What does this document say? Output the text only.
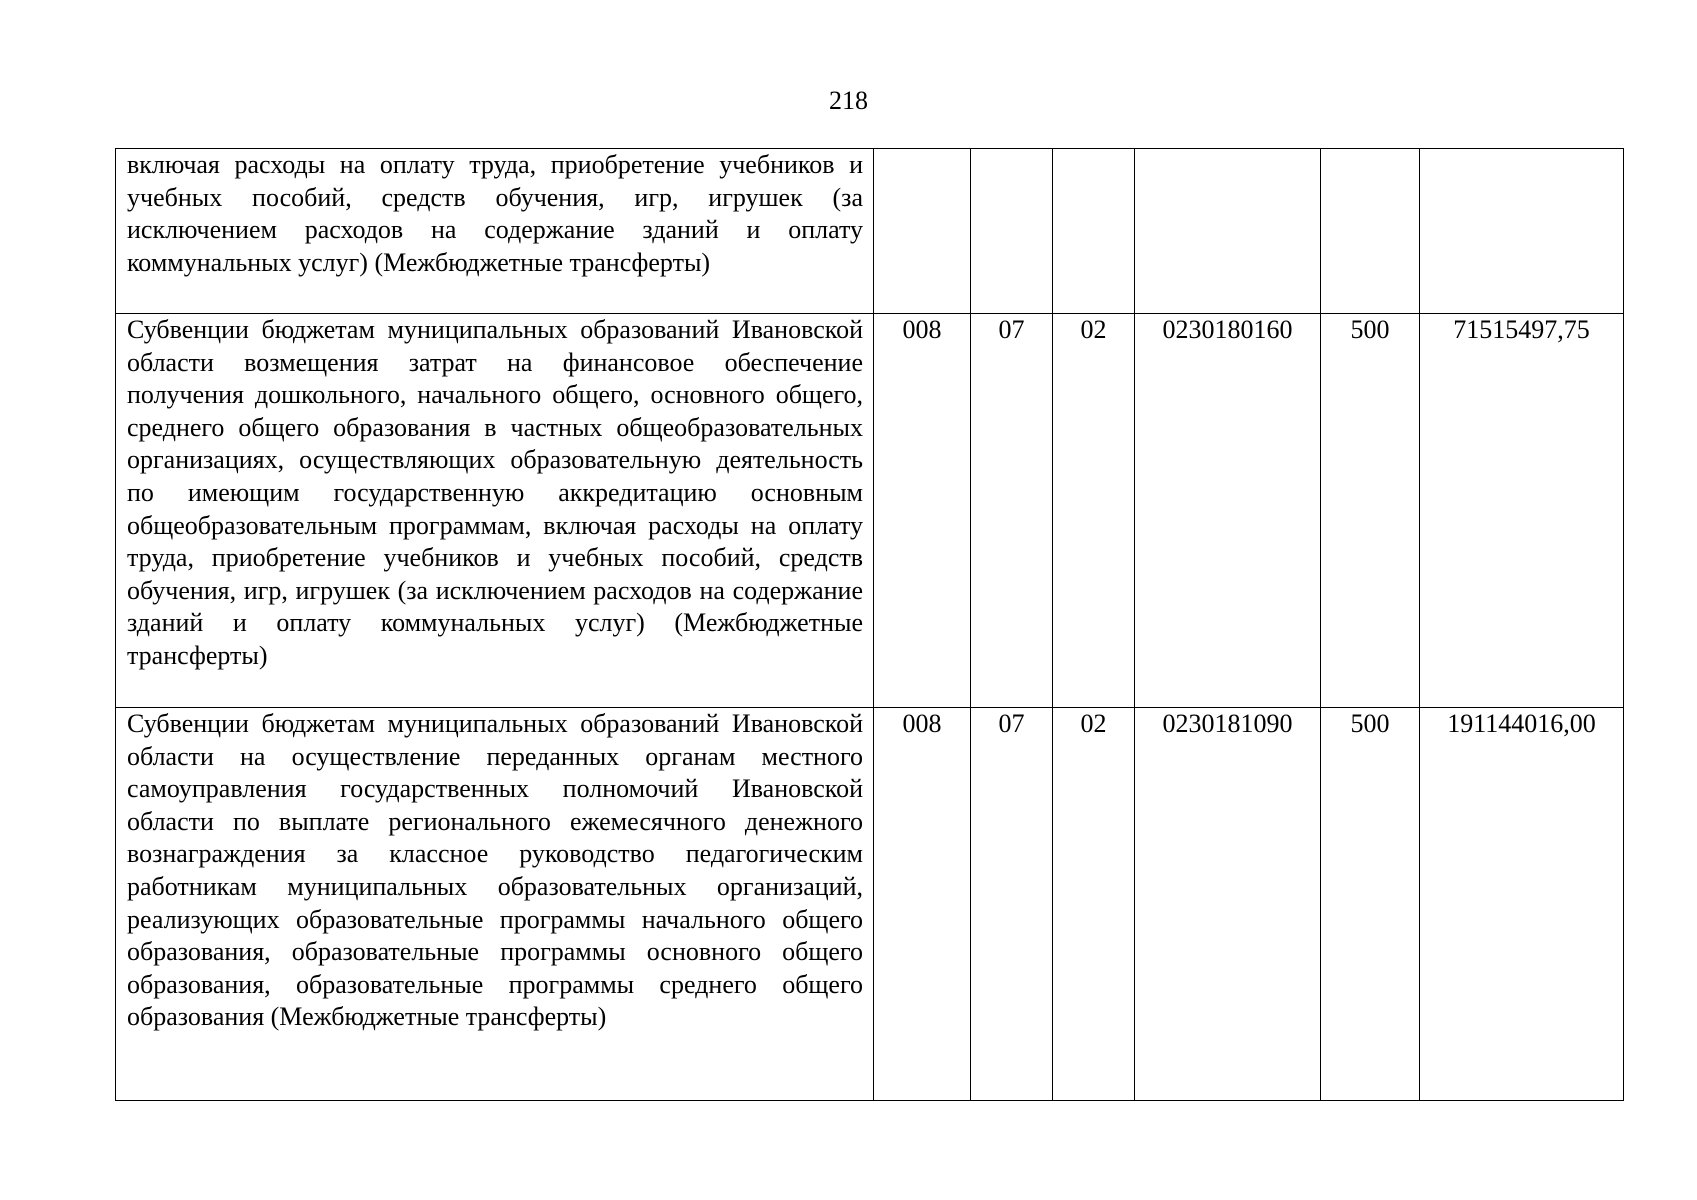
218
включая расходы на оплату труда, приобретение учебников и учебных пособий, средств обучения, игр, игрушек (за исключением расходов на содержание зданий и оплату коммунальных услуг) (Межбюджетные трансферты)						
Субвенции бюджетам муниципальных образований Ивановской области возмещения затрат на финансовое обеспечение получения дошкольного, начального общего, основного общего, среднего общего образования в частных общеобразовательных организациях, осуществляющих образовательную деятельность по имеющим государственную аккредитацию основным общеобразовательным программам, включая расходы на оплату труда, приобретение учебников и учебных пособий, средств обучения, игр, игрушек (за исключением расходов на содержание зданий и оплату коммунальных услуг) (Межбюджетные трансферты)	008	07	02	0230180160	500	71515497,75
Субвенции бюджетам муниципальных образований Ивановской области на осуществление переданных органам местного самоуправления государственных полномочий Ивановской области по выплате регионального ежемесячного денежного вознаграждения за классное руководство педагогическим работникам муниципальных образовательных организаций, реализующих образовательные программы начального общего образования, образовательные программы основного общего образования, образовательные программы среднего общего образования (Межбюджетные трансферты)	008	07	02	0230181090	500	191144016,00
